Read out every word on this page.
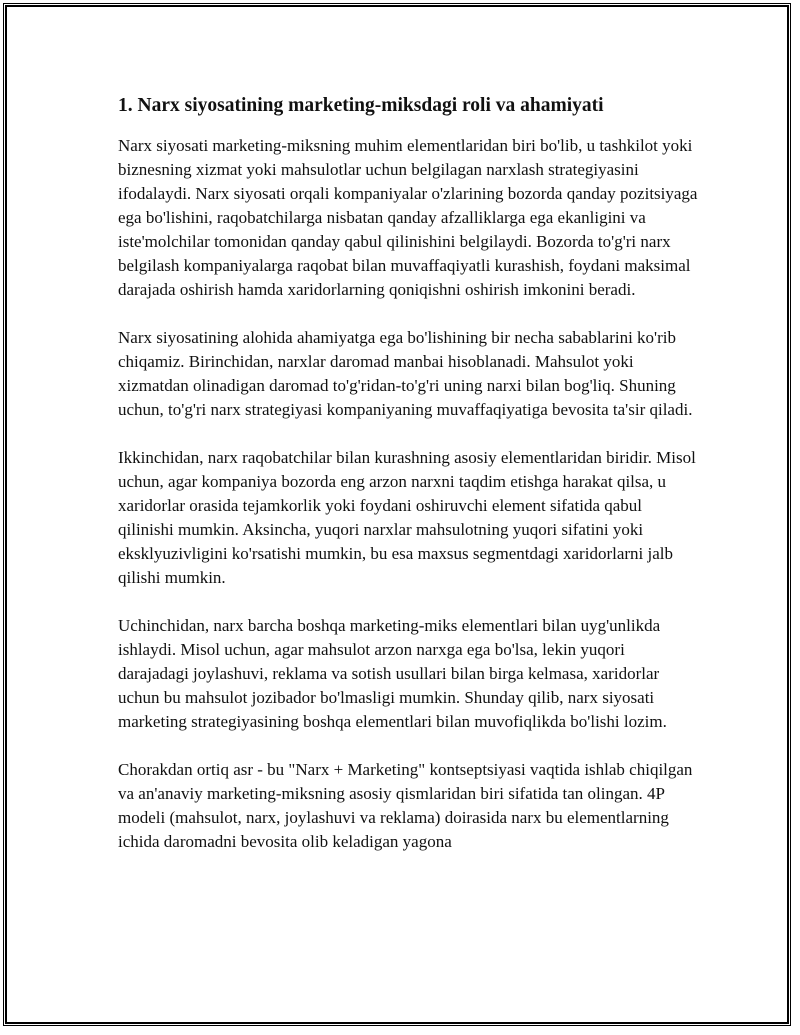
1. Narx siyosatining marketing-miksdagi roli va ahamiyati

Narx siyosati marketing-miksning muhim elementlaridan biri bo'lib, u tashkilot yoki biznesning xizmat yoki mahsulotlar uchun belgilagan narxlash strategiyasini ifodalaydi. Narx siyosati orqali kompaniyalar o'zlarining bozorda qanday pozitsiyaga ega bo'lishini, raqobatchilarga nisbatan qanday afzalliklarga ega ekanligini va iste'molchilar tomonidan qanday qabul qilinishini belgilaydi. Bozorda to'g'ri narx belgilash kompaniyalarga raqobat bilan muvaffaqiyatli kurashish, foydani maksimal darajada oshirish hamda xaridorlarning qoniqishni oshirish imkonini beradi.

Narx siyosatining alohida ahamiyatga ega bo'lishining bir necha sabablarini ko'rib chiqamiz. Birinchidan, narxlar daromad manbai hisoblanadi. Mahsulot yoki xizmatdan olinadigan daromad to'g'ridan-to'g'ri uning narxi bilan bog'liq. Shuning uchun, to'g'ri narx strategiyasi kompaniyaning muvaffaqiyatiga bevosita ta'sir qiladi.

Ikkinchidan, narx raqobatchilar bilan kurashning asosiy elementlaridan biridir. Misol uchun, agar kompaniya bozorda eng arzon narxni taqdim etishga harakat qilsa, u xaridorlar orasida tejamkorlik yoki foydani oshiruvchi element sifatida qabul qilinishi mumkin. Aksincha, yuqori narxlar mahsulotning yuqori sifatini yoki eksklyuzivligini ko'rsatishi mumkin, bu esa maxsus segmentdagi xaridorlarni jalb qilishi mumkin.

Uchinchidan, narx barcha boshqa marketing-miks elementlari bilan uyg'unlikda ishlaydi. Misol uchun, agar mahsulot arzon narxga ega bo'lsa, lekin yuqori darajadagi joylashuvi, reklama va sotish usullari bilan birga kelmasa, xaridorlar uchun bu mahsulot jozibador bo'lmasligi mumkin. Shunday qilib, narx siyosati marketing strategiyasining boshqa elementlari bilan muvofiqlikda bo'lishi lozim.

Chorakdan ortiq asr - bu "Narx + Marketing" kontseptsiyasi vaqtida ishlab chiqilgan va an'anaviy marketing-miksning asosiy qismlaridan biri sifatida tan olingan. 4P modeli (mahsulot, narx, joylashuvi va reklama) doirasida narx bu elementlarning ichida daromadni bevosita olib keladigan yagona
